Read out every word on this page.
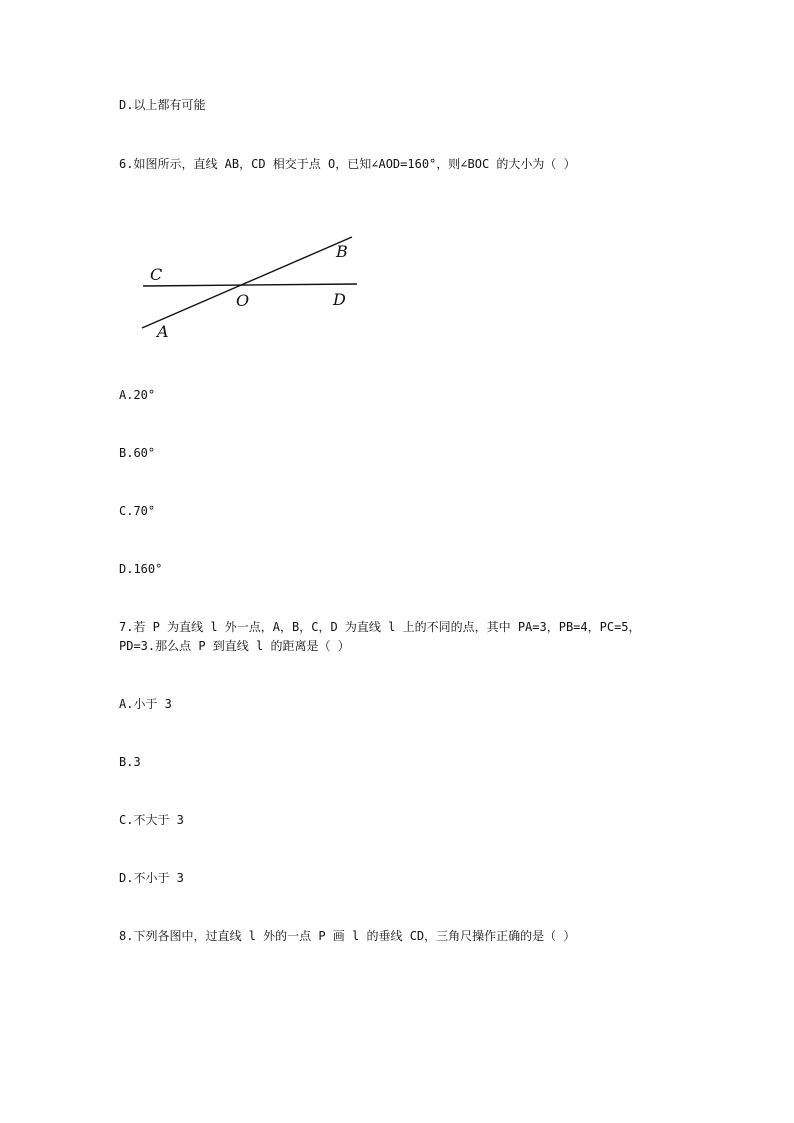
D.以上都有可能
6.如图所示，直线 AB，CD 相交于点 O，已知∠AOD=160°，则∠BOC 的大小为（ ）
C
B
O	D
A
A.20°
B.60°
C.70°
D.160°
7.若 P 为直线 l 外一点，A，B，C，D 为直线 l 上的不同的点，其中 PA=3，PB=4，PC=5，
PD=3.那么点 P 到直线 l 的距离是（ ）
A.小于 3
B.3
C.不大于 3
D.不小于 3
8.下列各图中，过直线 l 外的一点 P 画 l 的垂线 CD，三角尺操作正确的是（ ）
